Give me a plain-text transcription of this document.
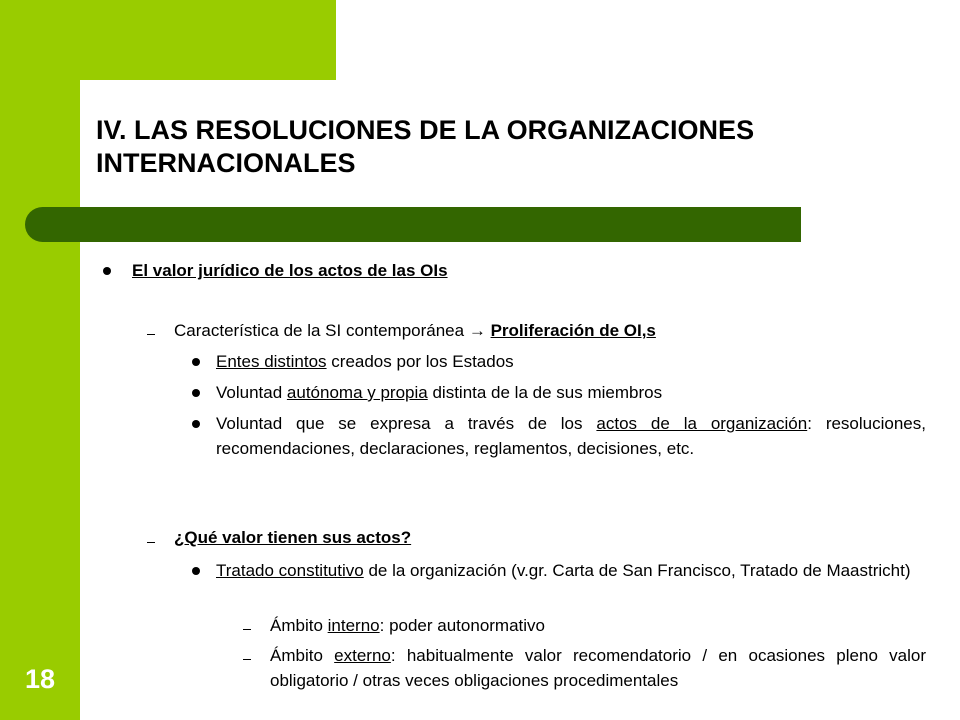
IV. LAS RESOLUCIONES DE LA ORGANIZACIONES INTERNACIONALES
El valor jurídico de los actos de las OIs
Característica de la SI contemporánea → Proliferación de OI,s
Entes distintos creados por los Estados
Voluntad autónoma y propia distinta de la de sus miembros
Voluntad que se expresa a través de los actos de la organización: resoluciones, recomendaciones, declaraciones, reglamentos, decisiones, etc.
¿Qué valor tienen sus actos?
Tratado constitutivo de la organización (v.gr. Carta de San Francisco, Tratado de Maastricht)
Ámbito interno: poder autonormativo
Ámbito externo: habitualmente valor recomendatorio / en ocasiones pleno valor obligatorio / otras veces obligaciones procedimentales
18
